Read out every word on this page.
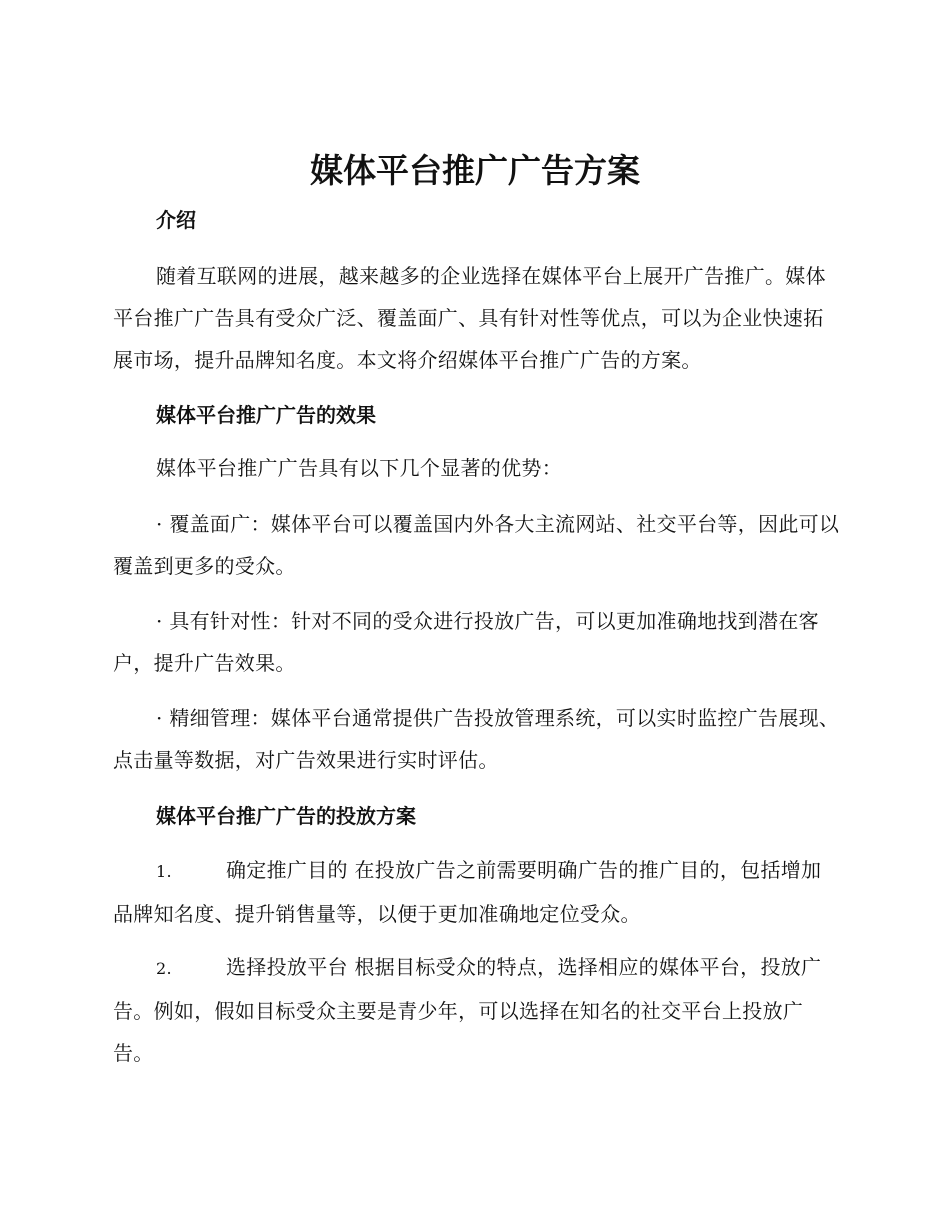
媒体平台推广广告方案
介绍

随着互联网的进展，越来越多的企业选择在媒体平台上展开广告推广。媒体平台推广广告具有受众广泛、覆盖面广、具有针对性等优点，可以为企业快速拓展市场，提升品牌知名度。本文将介绍媒体平台推广广告的方案。

媒体平台推广广告的效果

媒体平台推广广告具有以下几个显著的优势：

· 覆盖面广：媒体平台可以覆盖国内外各大主流网站、社交平台等，因此可以覆盖到更多的受众。

· 具有针对性：针对不同的受众进行投放广告，可以更加准确地找到潜在客户，提升广告效果。

· 精细管理：媒体平台通常提供广告投放管理系统，可以实时监控广告展现、点击量等数据，对广告效果进行实时评估。

媒体平台推广广告的投放方案

1.	确定推广目的 在投放广告之前需要明确广告的推广目的，包括增加品牌知名度、提升销售量等，以便于更加准确地定位受众。

2.	选择投放平台 根据目标受众的特点，选择相应的媒体平台，投放广告。例如，假如目标受众主要是青少年，可以选择在知名的社交平台上投放广告。
